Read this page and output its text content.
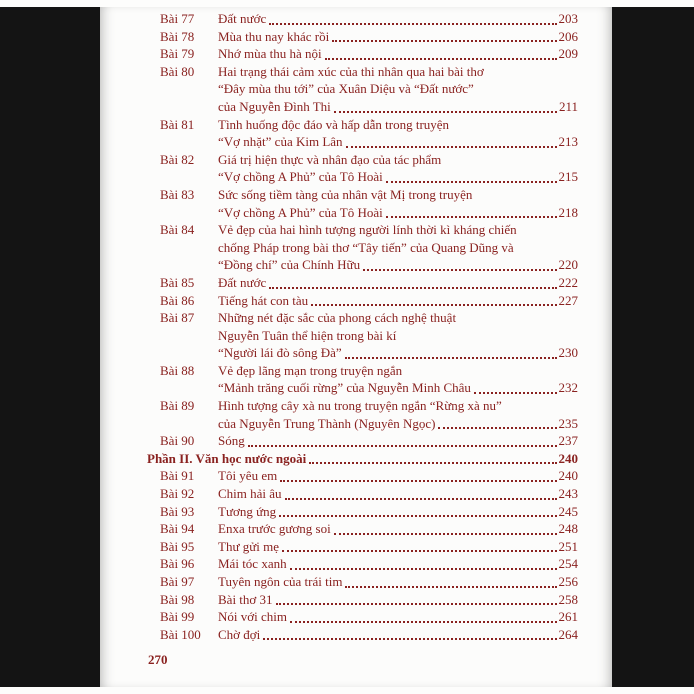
Bài 77	Đất nước	203
Bài 78	Mùa thu nay khác rồi	206
Bài 79	Nhớ mùa thu hà nội	209
Bài 80	Hai trạng thái cảm xúc của thi nhân qua hai bài thơ
“Đây mùa thu tới” của Xuân Diệu và “Đất nước”
của Nguyễn Đình Thi	211
Bài 81	Tình huống độc đáo và hấp dẫn trong truyện
“Vợ nhặt” của Kim Lân	213
Bài 82	Giá trị hiện thực và nhân đạo của tác phẩm
“Vợ chồng A Phủ” của Tô Hoài	215
Bài 83	Sức sống tiềm tàng của nhân vật Mị trong truyện
“Vợ chồng A Phủ” của Tô Hoài	218
Bài 84	Vẻ đẹp của hai hình tượng người lính thời kì kháng chiến
chống Pháp trong bài thơ “Tây tiến” của Quang Dũng và
“Đồng chí” của Chính Hữu	220
Bài 85	Đất nước	222
Bài 86	Tiếng hát con tàu	227
Bài 87	Những nét đặc sắc của phong cách nghệ thuật
Nguyễn Tuân thể hiện trong bài kí
“Người lái đò sông Đà”	230
Bài 88	Vẻ đẹp lãng mạn trong truyện ngắn
“Mảnh trăng cuối rừng” của Nguyễn Minh Châu	232
Bài 89	Hình tượng cây xà nu trong truyện ngắn “Rừng xà nu”
của Nguyễn Trung Thành (Nguyên Ngọc)	235
Bài 90	Sóng	237
Phần II. Văn học nước ngoài	240
Bài 91	Tôi yêu em	240
Bài 92	Chim hải âu	243
Bài 93	Tương ứng	245
Bài 94	Enxa trước gương soi	248
Bài 95	Thư gửi mẹ	251
Bài 96	Mái tóc xanh	254
Bài 97	Tuyên ngôn của trái tim	256
Bài 98	Bài thơ 31	258
Bài 99	Nói với chim	261
Bài 100	Chờ đợi	264
270
